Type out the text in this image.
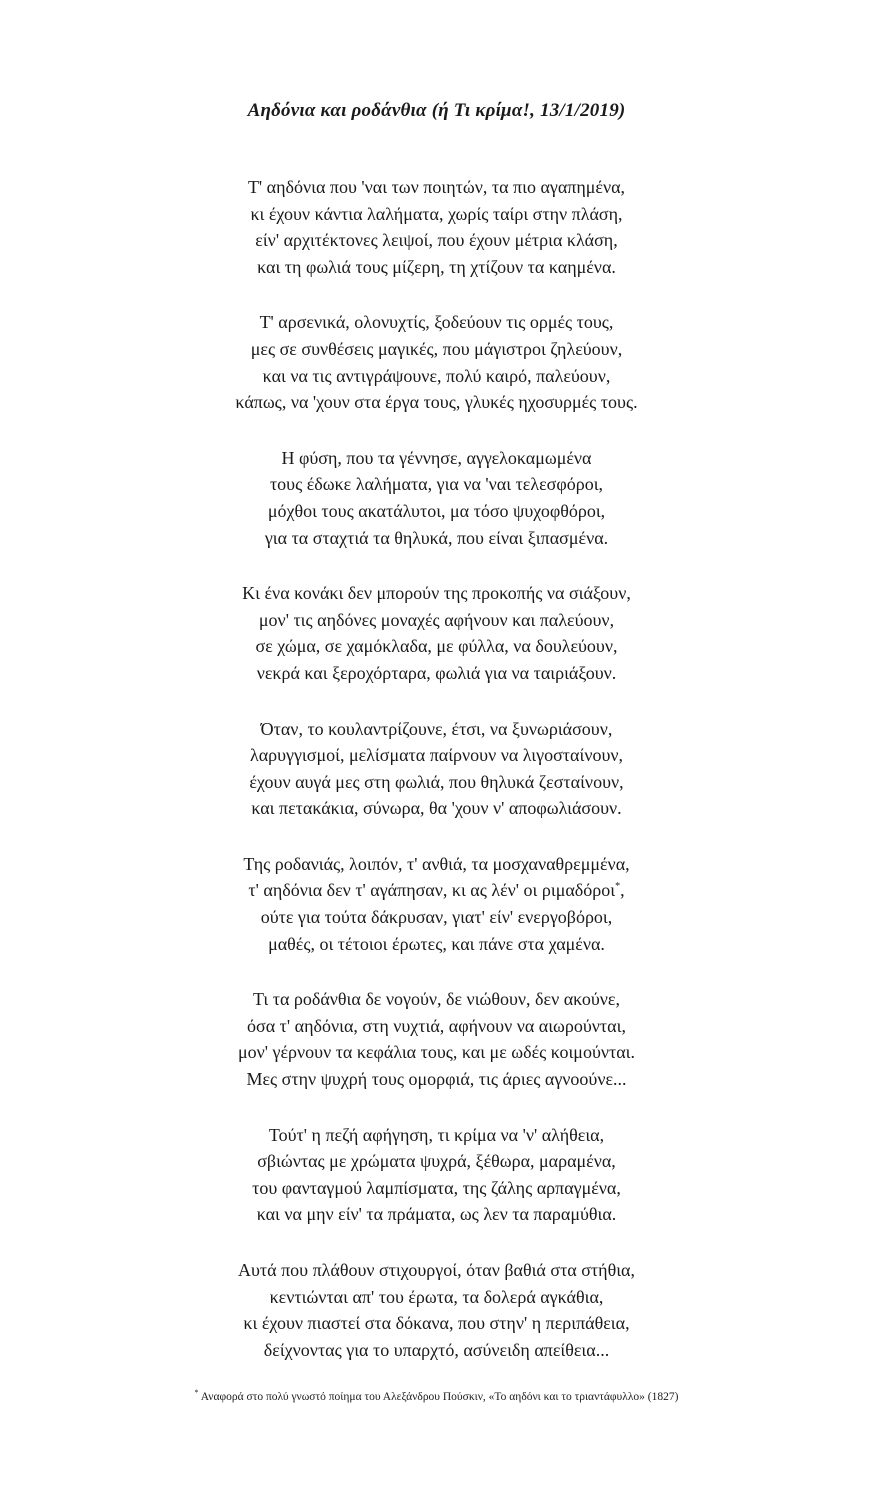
Αηδόνια και ροδάνθια (ή Τι κρίμα!, 13/1/2019)
Τ' αηδόνια που 'ναι των ποιητών, τα πιο αγαπημένα,
κι έχουν κάντια λαλήματα, χωρίς ταίρι στην πλάση,
είν' αρχιτέκτονες λειψοί, που έχουν μέτρια κλάση,
και τη φωλιά τους μίζερη, τη χτίζουν τα καημένα.
Τ' αρσενικά, ολονυχτίς, ξοδεύουν τις ορμές τους,
μες σε συνθέσεις μαγικές, που μάγιστροι ζηλεύουν,
και να τις αντιγράψουνε, πολύ καιρό, παλεύουν,
κάπως, να 'χουν στα έργα τους, γλυκές ηχοσυρμές τους.
Η φύση, που τα γέννησε, αγγελοκαμωμένα
τους έδωκε λαλήματα, για να 'ναι τελεσφόροι,
μόχθοι τους ακατάλυτοι, μα τόσο ψυχοφθόροι,
για τα σταχτιά τα θηλυκά, που είναι ξιπασμένα.
Κι ένα κονάκι δεν μπορούν της προκοπής να σιάξουν,
μον' τις αηδόνες μοναχές αφήνουν και παλεύουν,
σε χώμα, σε χαμόκλαδα, με φύλλα, να δουλεύουν,
νεκρά και ξεροχόρταρα, φωλιά για να ταιριάξουν.
Όταν, το κουλαντρίζουνε, έτσι, να ξυνωριάσουν,
λαρυγγισμοί, μελίσματα παίρνουν να λιγοσταίνουν,
έχουν αυγά μες στη φωλιά, που θηλυκά ζεσταίνουν,
και πετακάκια, σύνωρα, θα 'χουν ν' αποφωλιάσουν.
Της ροδανιάς, λοιπόν, τ' ανθιά, τα μοσχαναθρεμμένα,
τ' αηδόνια δεν τ' αγάπησαν, κι ας λέν' οι ριμαδόροι*,
ούτε για τούτα δάκρυσαν, γιατ' είν' ενεργοβόροι,
μαθές, οι τέτοιοι έρωτες, και πάνε στα χαμένα.
Τι τα ροδάνθια δε νογούν, δε νιώθουν, δεν ακούνε,
όσα τ' αηδόνια, στη νυχτιά, αφήνουν να αιωρούνται,
μον' γέρνουν τα κεφάλια τους, και με ωδές κοιμούνται.
Μες στην ψυχρή τους ομορφιά, τις άριες αγνοούνε...
Τούτ' η πεζή αφήγηση, τι κρίμα να 'ν' αλήθεια,
σβιώντας με χρώματα ψυχρά, ξέθωρα, μαραμένα,
του φανταγμού λαμπίσματα, της ζάλης αρπαγμένα,
και να μην είν' τα πράματα, ως λεν τα παραμύθια.
Αυτά που πλάθουν στιχουργοί, όταν βαθιά στα στήθια,
κεντιώνται απ' του έρωτα, τα δολερά αγκάθια,
κι έχουν πιαστεί στα δόκανα, που στην' η περιπάθεια,
δείχνοντας για το υπαρχτό, ασύνειδη απείθεια...
* Αναφορά στο πολύ γνωστό ποίημα του Αλεξάνδρου Πούσκιν, «Το αηδόνι και το τριαντάφυλλο» (1827)
